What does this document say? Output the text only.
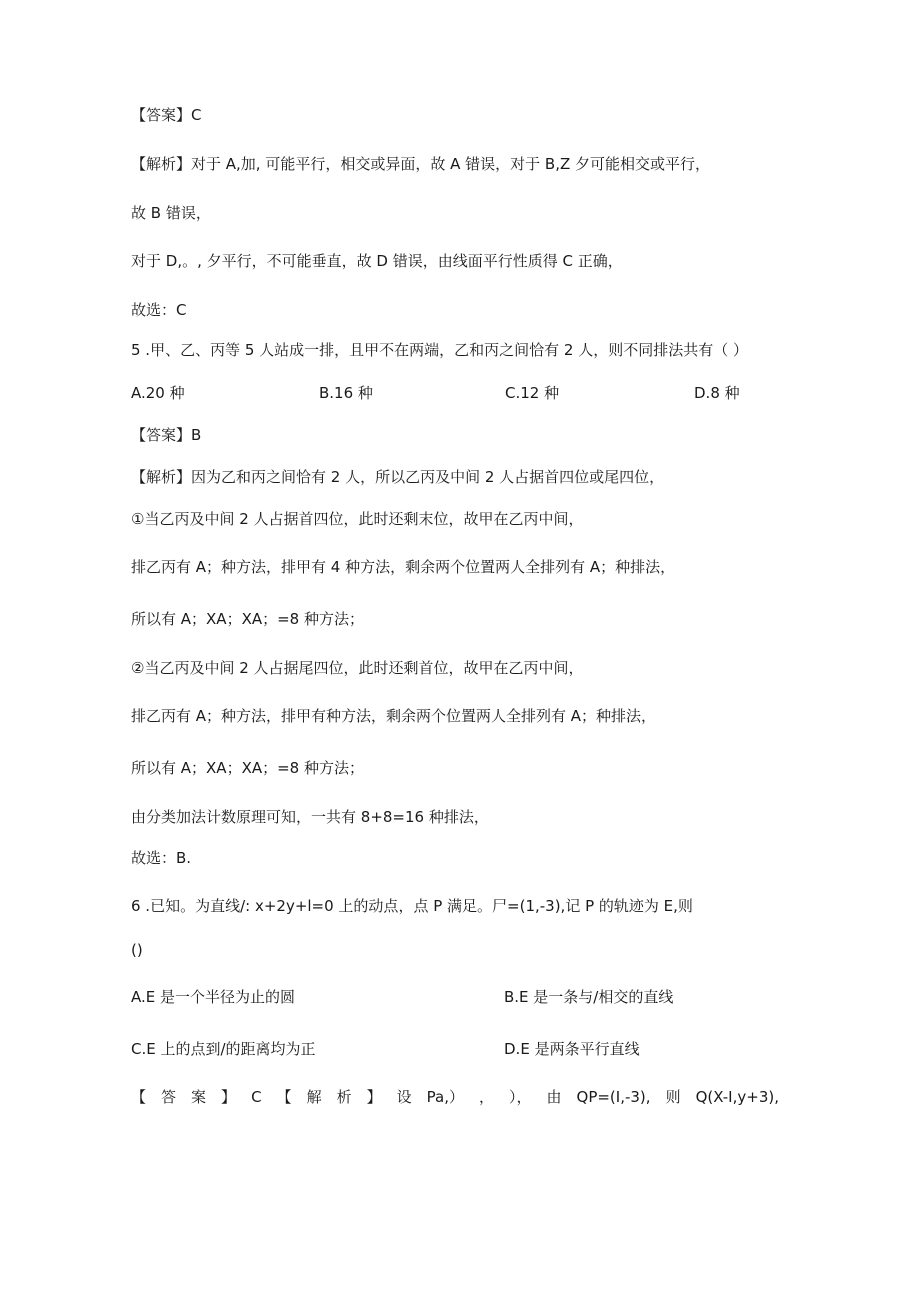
【答案】C
【解析】对于 A,加, 可能平行，相交或异面，故 A 错误，对于 B,Z 夕可能相交或平行，
故 B 错误，
对于 D,。, 夕平行，不可能垂直，故 D 错误，由线面平行性质得 C 正确，
故选：C
5 .甲、乙、丙等 5 人站成一排，且甲不在两端，乙和丙之间恰有 2 人，则不同排法共有（ ）
A.20 种	B.16 种	C.12 种	D.8 种
【答案】B
【解析】因为乙和丙之间恰有 2 人，所以乙丙及中间 2 人占据首四位或尾四位，
①当乙丙及中间 2 人占据首四位，此时还剩末位，故甲在乙丙中间，
排乙丙有 A；种方法，排甲有 4 种方法，剩余两个位置两人全排列有 A；种排法，
所以有 A；XA；XA；=8 种方法；
②当乙丙及中间 2 人占据尾四位，此时还剩首位，故甲在乙丙中间，
排乙丙有 A；种方法，排甲有种方法，剩余两个位置两人全排列有 A；种排法，
所以有 A；XA；XA；=8 种方法；
由分类加法计数原理可知，一共有 8+8=16 种排法，
故选：B.
6 .已知。为直线/: x+2y+l=0 上的动点，点 P 满足。尸=(1,-3),记 P 的轨迹为 E,则
()
A.E 是一个半径为止的圆	B.E 是一条与/相交的直线
C.E 上的点到/的距离均为正	D.E 是两条平行直线
【 答 案 】 C 【 解 析 】 设 Pa,） ， ）， 由 QP=(I,-3), 则 Q(X-I,y+3),
